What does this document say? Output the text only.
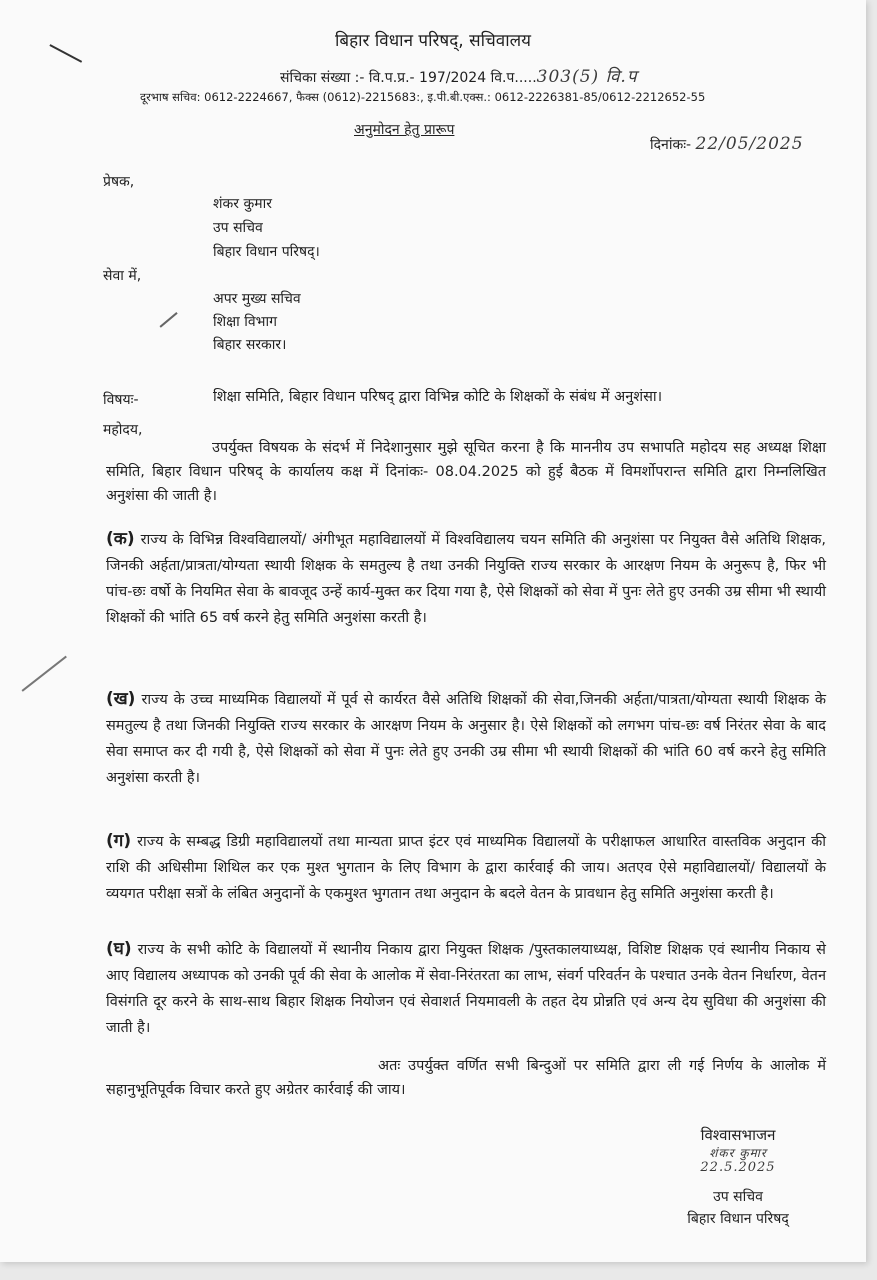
बिहार विधान परिषद्, सचिवालय
संचिका संख्या :- वि.प.प्र.- 197/2024 वि.प.....303(5) वि.प
दूरभाष सचिव: 0612-2224667, फैक्स (0612)-2215683:, इ.पी.बी.एक्स.: 0612-2226381-85/0612-2212652-55
अनुमोदन हेतु प्रारूप
दिनांकः- 22/05/2025
प्रेषक,
शंकर कुमार
उप सचिव
बिहार विधान परिषद्।
सेवा में,
अपर मुख्य सचिव
शिक्षा विभाग
बिहार सरकार।
विषयः-	शिक्षा समिति, बिहार विधान परिषद् द्वारा विभिन्न कोटि के शिक्षकों के संबंध में अनुशंसा।
महोदय,
उपर्युक्त विषयक के संदर्भ में निदेशानुसार मुझे सूचित करना है कि माननीय उप सभापति महोदय सह अध्यक्ष शिक्षा समिति, बिहार विधान परिषद् के कार्यालय कक्ष में दिनांकः- 08.04.2025 को हुई बैठक में विमर्शोपरान्त समिति द्वारा निम्नलिखित अनुशंसा की जाती है।
(क) राज्य के विभिन्न विश्वविद्यालयों/ अंगीभूत महाविद्यालयों में विश्वविद्यालय चयन समिति की अनुशंसा पर नियुक्त वैसे अतिथि शिक्षक, जिनकी अर्हता/प्रात्रता/योग्यता स्थायी शिक्षक के समतुल्य है तथा उनकी नियुक्ति राज्य सरकार के आरक्षण नियम के अनुरूप है, फिर भी पांच-छः वर्षो के नियमित सेवा के बावजूद उन्हें कार्य-मुक्त कर दिया गया है, ऐसे शिक्षकों को सेवा में पुनः लेते हुए उनकी उम्र सीमा भी स्थायी शिक्षकों की भांति 65 वर्ष करने हेतु समिति अनुशंसा करती है।
(ख) राज्य के उच्च माध्यमिक विद्यालयों में पूर्व से कार्यरत वैसे अतिथि शिक्षकों की सेवा,जिनकी अर्हता/पात्रता/योग्यता स्थायी शिक्षक के समतुल्य है तथा जिनकी नियुक्ति राज्य सरकार के आरक्षण नियम के अनुसार है। ऐसे शिक्षकों को लगभग पांच-छः वर्ष निरंतर सेवा के बाद सेवा समाप्त कर दी गयी है, ऐसे शिक्षकों को सेवा में पुनः लेते हुए उनकी उम्र सीमा भी स्थायी शिक्षकों की भांति 60 वर्ष करने हेतु समिति अनुशंसा करती है।
(ग) राज्य के सम्बद्ध डिग्री महाविद्यालयों तथा मान्यता प्राप्त इंटर एवं माध्यमिक विद्यालयों के परीक्षाफल आधारित वास्तविक अनुदान की राशि की अधिसीमा शिथिल कर एक मुश्त भुगतान के लिए विभाग के द्वारा कार्रवाई की जाय। अतएव ऐसे महाविद्यालयों/ विद्यालयों के व्ययगत परीक्षा सत्रों के लंबित अनुदानों के एकमुश्त भुगतान तथा अनुदान के बदले वेतन के प्रावधान हेतु समिति अनुशंसा करती है।
(घ) राज्य के सभी कोटि के विद्यालयों में स्थानीय निकाय द्वारा नियुक्त शिक्षक /पुस्तकालयाध्यक्ष, विशिष्ट शिक्षक एवं स्थानीय निकाय से आए विद्यालय अध्यापक को उनकी पूर्व की सेवा के आलोक में सेवा-निरंतरता का लाभ, संवर्ग परिवर्तन के पश्चात उनके वेतन निर्धारण, वेतन विसंगति दूर करने के साथ-साथ बिहार शिक्षक नियोजन एवं सेवाशर्त नियमावली के तहत देय प्रोन्नति एवं अन्य देय सुविधा की अनुशंसा की जाती है।
अतः उपर्युक्त वर्णित सभी बिन्दुओं पर समिति द्वारा ली गई निर्णय के आलोक में सहानुभूतिपूर्वक विचार करते हुए अग्रेतर कार्रवाई की जाय।
विश्वासभाजन
शंकर कुमार
22.5.2025
उप सचिव
बिहार विधान परिषद्
